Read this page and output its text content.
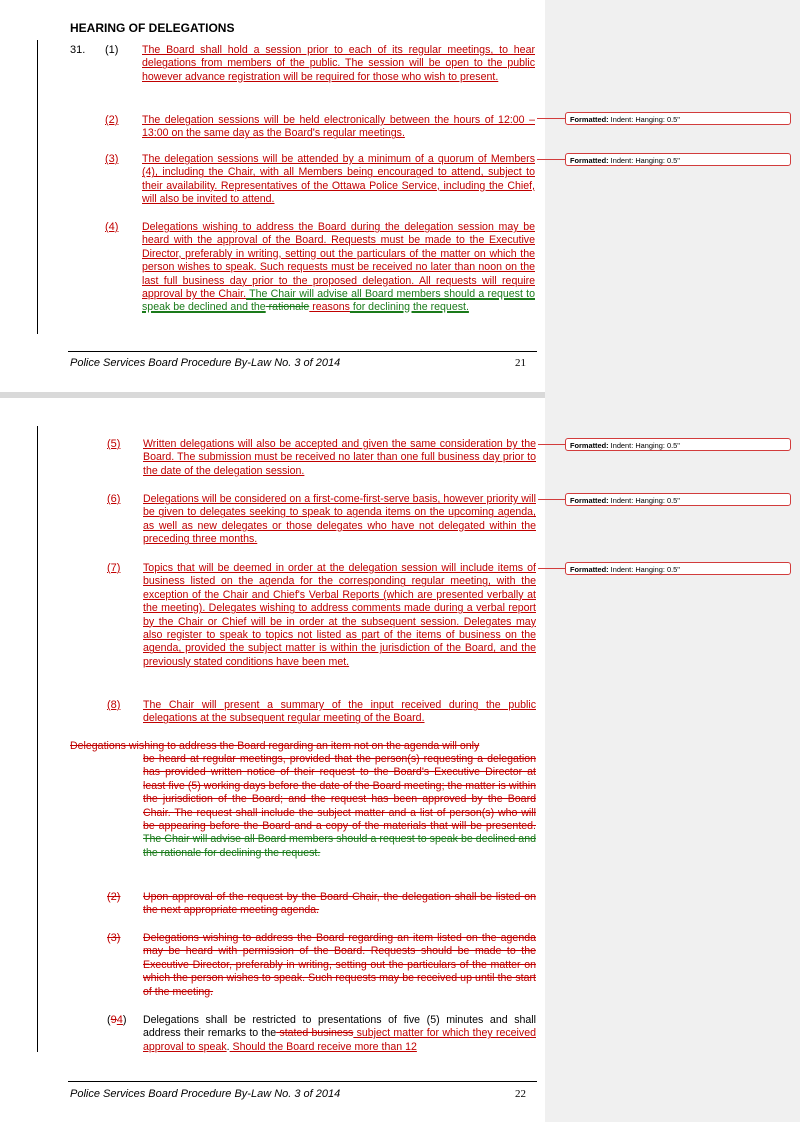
HEARING OF DELEGATIONS
31. (1) The Board shall hold a session prior to each of its regular meetings, to hear delegations from members of the public. The session will be open to the public however advance registration will be required for those who wish to present.
(2) The delegation sessions will be held electronically between the hours of 12:00 – 13:00 on the same day as the Board's regular meetings.
(3) The delegation sessions will be attended by a minimum of a quorum of Members (4), including the Chair, with all Members being encouraged to attend, subject to their availability. Representatives of the Ottawa Police Service, including the Chief, will also be invited to attend.
(4) Delegations wishing to address the Board during the delegation session may be heard with the approval of the Board. Requests must be made to the Executive Director, preferably in writing, setting out the particulars of the matter on which the person wishes to speak. Such requests must be received no later than noon on the last full business day prior to the proposed delegation. All requests will require approval by the Chair. The Chair will advise all Board members should a request to speak be declined and the rationale reasons for declining the request.
Police Services Board Procedure By-Law No. 3 of 2014	21
(5) Written delegations will also be accepted and given the same consideration by the Board. The submission must be received no later than one full business day prior to the date of the delegation session.
(6) Delegations will be considered on a first-come-first-serve basis, however priority will be given to delegates seeking to speak to agenda items on the upcoming agenda, as well as new delegates or those delegates who have not delegated within the preceding three months.
(7) Topics that will be deemed in order at the delegation session will include items of business listed on the agenda for the corresponding regular meeting, with the exception of the Chair and Chief's Verbal Reports (which are presented verbally at the meeting). Delegates wishing to address comments made during a verbal report by the Chair or Chief will be in order at the subsequent session. Delegates may also register to speak to topics not listed as part of the items of business on the agenda, provided the subject matter is within the jurisdiction of the Board, and the previously stated conditions have been met.
(8) The Chair will present a summary of the input received during the public delegations at the subsequent regular meeting of the Board.
Delegations wishing to address the Board regarding an item not on the agenda will only
be heard at regular meetings, provided that the person(s) requesting a delegation has provided written notice of their request to the Board's Executive Director at least five (5) working days before the date of the Board meeting; the matter is within the jurisdiction of the Board; and the request has been approved by the Board Chair. The request shall include the subject matter and a list of person(s) who will be appearing before the Board and a copy of the materials that will be presented. The Chair will advise all Board members should a request to speak be declined and the rationale for declining the request.
(2) Upon approval of the request by the Board Chair, the delegation shall be listed on the next appropriate meeting agenda.
(3) Delegations wishing to address the Board regarding an item listed on the agenda may be heard with permission of the Board. Requests should be made to the Executive Director, preferably in writing, setting out the particulars of the matter on which the person wishes to speak. Such requests may be received up until the start of the meeting.
(94) Delegations shall be restricted to presentations of five (5) minutes and shall address their remarks to the stated business subject matter for which they received approval to speak. Should the Board receive more than 12
Police Services Board Procedure By-Law No. 3 of 2014	22
Formatted: Indent: Hanging: 0.5"
Formatted: Indent: Hanging: 0.5"
Formatted: Indent: Hanging: 0.5"
Formatted: Indent: Hanging: 0.5"
Formatted: Indent: Hanging: 0.5"
